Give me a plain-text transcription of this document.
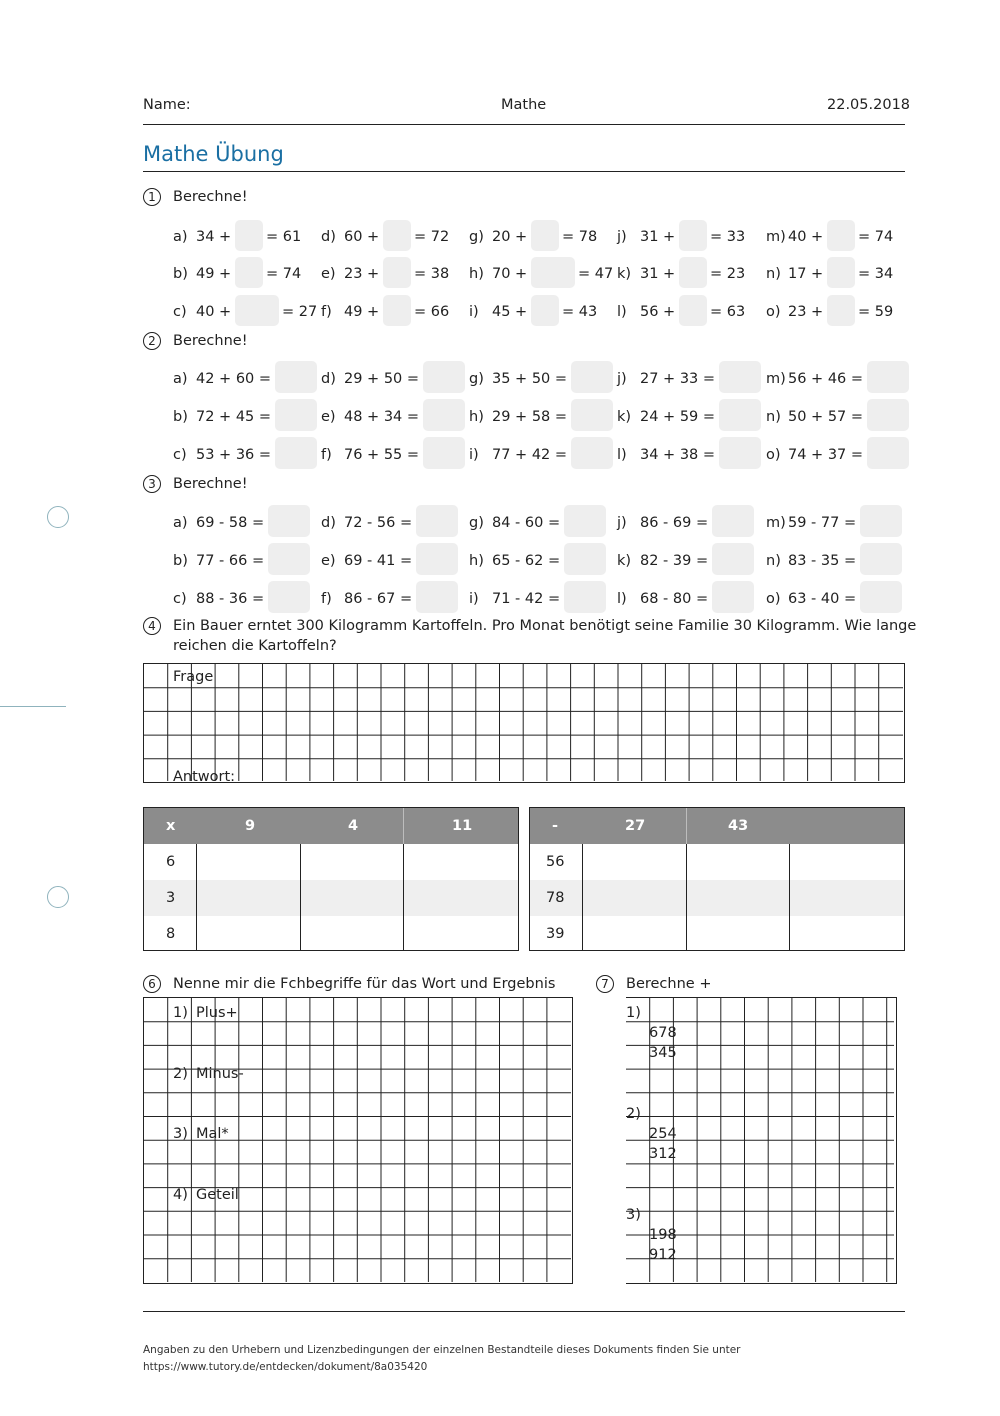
Name:	Mathe	22.05.2018
Mathe Übung
1	Berechne!
2	Berechne!
3	Berechne!
4	Ein Bauer erntet 300 Kilogramm Kartoffeln. Pro Monat benötigt seine Familie 30 Kilogramm. Wie lange
reichen die Kartoffeln?
Frage
Antwort:
x	9	4	11
6
3
8
-	27	43
56
78
39
6	Nenne mir die Fchbegriffe für das Wort und Ergebnis
1) Plus+
2) Minus-
3) Mal*
4) Geteil
7	Berechne +
1)
678
345
2)
254
312
3)
198
912
Angaben zu den Urhebern und Lizenzbedingungen der einzelnen Bestandteile dieses Dokuments finden Sie unter
https://www.tutory.de/entdecken/dokument/8a035420
a) 34 + = 61 d) 60 + = 72 g) 20 + = 78 j) 31 + = 33 m) 40 + = 74
b) 49 + = 74 e) 23 + = 38 h) 70 +	= 47 k) 31 + = 23 n) 17 + = 34
c) 40 +	= 27 f) 49 + = 66 i) 45 + = 43 l) 56 + = 63 o) 23 + = 59
a) 42 + 60 =	d) 29 + 50 =	g) 35 + 50 =	j) 27 + 33 =	m) 56 + 46 =
b) 72 + 45 =	e) 48 + 34 =	h) 29 + 58 =	k) 24 + 59 =	n) 50 + 57 =
c) 53 + 36 =	f) 76 + 55 =	i) 77 + 42 =	l) 34 + 38 =	o) 74 + 37 =
a) 69 - 58 =	d) 72 - 56 =	g) 84 - 60 =	j) 86 - 69 =	m) 59 - 77 =
b) 77 - 66 =	e) 69 - 41 =	h) 65 - 62 =	k) 82 - 39 =	n) 83 - 35 =
c) 88 - 36 =	f) 86 - 67 =	i) 71 - 42 =	l) 68 - 80 =	o) 63 - 40 =
